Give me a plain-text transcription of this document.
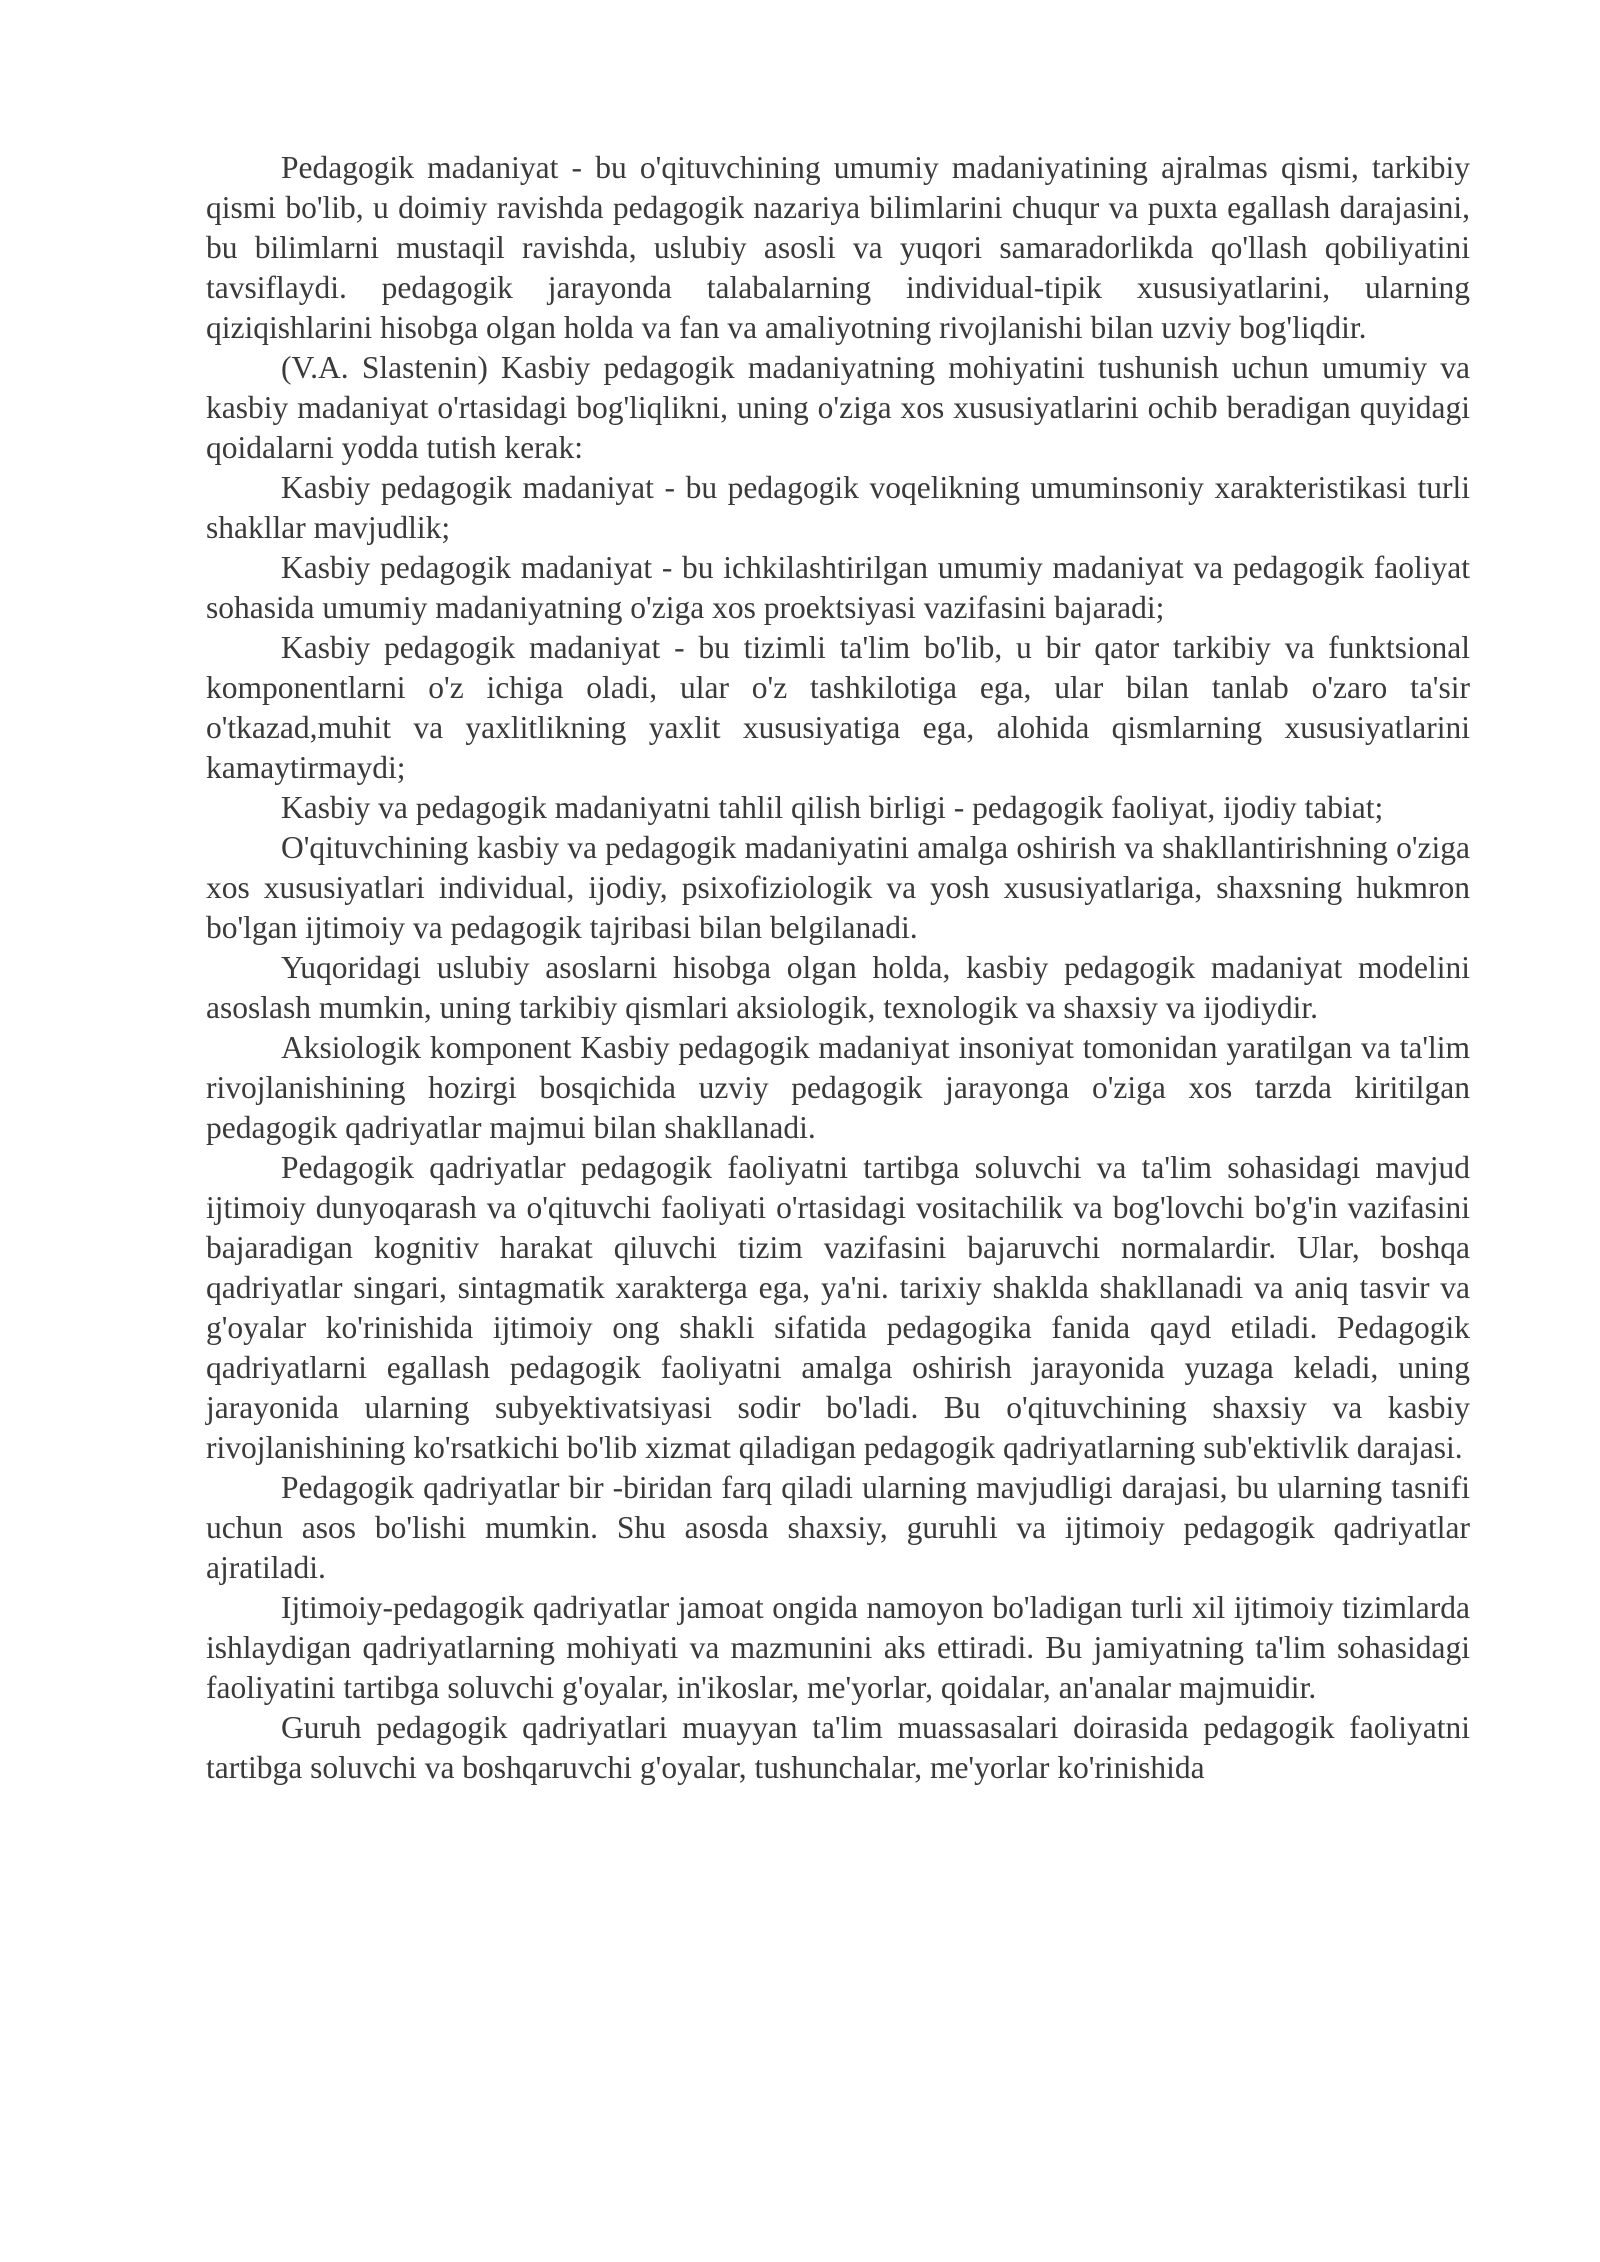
Pedagogik madaniyat - bu o'qituvchining umumiy madaniyatining ajralmas qismi, tarkibiy qismi bo'lib, u doimiy ravishda pedagogik nazariya bilimlarini chuqur va puxta egallash darajasini, bu bilimlarni mustaqil ravishda, uslubiy asosli va yuqori samaradorlikda qo'llash qobiliyatini tavsiflaydi. pedagogik jarayonda talabalarning individual-tipik xususiyatlarini, ularning qiziqishlarini hisobga olgan holda va fan va amaliyotning rivojlanishi bilan uzviy bog'liqdir.

(V.A. Slastenin) Kasbiy pedagogik madaniyatning mohiyatini tushunish uchun umumiy va kasbiy madaniyat o'rtasidagi bog'liqlikni, uning o'ziga xos xususiyatlarini ochib beradigan quyidagi qoidalarni yodda tutish kerak:

Kasbiy pedagogik madaniyat - bu pedagogik voqelikning umuminsoniy xarakteristikasi turli shakllar mavjudlik;

Kasbiy pedagogik madaniyat - bu ichkilashtirilgan umumiy madaniyat va pedagogik faoliyat sohasida umumiy madaniyatning o'ziga xos proektsiyasi vazifasini bajaradi;

Kasbiy pedagogik madaniyat - bu tizimli ta'lim bo'lib, u bir qator tarkibiy va funktsional komponentlarni o'z ichiga oladi, ular o'z tashkilotiga ega, ular bilan tanlab o'zaro ta'sir o'tkazad,muhit va yaxlitlikning yaxlit xususiyatiga ega, alohida qismlarning xususiyatlarini kamaytirmaydi;

Kasbiy va pedagogik madaniyatni tahlil qilish birligi - pedagogik faoliyat, ijodiy tabiat;

O'qituvchining kasbiy va pedagogik madaniyatini amalga oshirish va shakllantirishning o'ziga xos xususiyatlari individual, ijodiy, psixofiziologik va yosh xususiyatlariga, shaxsning hukmron bo'lgan ijtimoiy va pedagogik tajribasi bilan belgilanadi.

Yuqoridagi uslubiy asoslarni hisobga olgan holda, kasbiy pedagogik madaniyat modelini asoslash mumkin, uning tarkibiy qismlari aksiologik, texnologik va shaxsiy va ijodiydir.

Aksiologik komponent Kasbiy pedagogik madaniyat insoniyat tomonidan yaratilgan va ta'lim rivojlanishining hozirgi bosqichida uzviy pedagogik jarayonga o'ziga xos tarzda kiritilgan pedagogik qadriyatlar majmui bilan shakllanadi.

Pedagogik qadriyatlar pedagogik faoliyatni tartibga soluvchi va ta'lim sohasidagi mavjud ijtimoiy dunyoqarash va o'qituvchi faoliyati o'rtasidagi vositachilik va bog'lovchi bo'g'in vazifasini bajaradigan kognitiv harakat qiluvchi tizim vazifasini bajaruvchi normalardir. Ular, boshqa qadriyatlar singari, sintagmatik xarakterga ega, ya'ni. tarixiy shaklda shakllanadi va aniq tasvir va g'oyalar ko'rinishida ijtimoiy ong shakli sifatida pedagogika fanida qayd etiladi. Pedagogik qadriyatlarni egallash pedagogik faoliyatni amalga oshirish jarayonida yuzaga keladi, uning jarayonida ularning subyektivatsiyasi sodir bo'ladi. Bu o'qituvchining shaxsiy va kasbiy rivojlanishining ko'rsatkichi bo'lib xizmat qiladigan pedagogik qadriyatlarning sub'ektivlik darajasi.

Pedagogik qadriyatlar bir -biridan farq qiladi ularning mavjudligi darajasi, bu ularning tasnifi uchun asos bo'lishi mumkin. Shu asosda shaxsiy, guruhli va ijtimoiy pedagogik qadriyatlar ajratiladi.

Ijtimoiy-pedagogik qadriyatlar jamoat ongida namoyon bo'ladigan turli xil ijtimoiy tizimlarda ishlaydigan qadriyatlarning mohiyati va mazmunini aks ettiradi. Bu jamiyatning ta'lim sohasidagi faoliyatini tartibga soluvchi g'oyalar, in'ikoslar, me'yorlar, qoidalar, an'analar majmuidir.

Guruh pedagogik qadriyatlari muayyan ta'lim muassasalari doirasida pedagogik faoliyatni tartibga soluvchi va boshqaruvchi g'oyalar, tushunchalar, me'yorlar ko'rinishida
